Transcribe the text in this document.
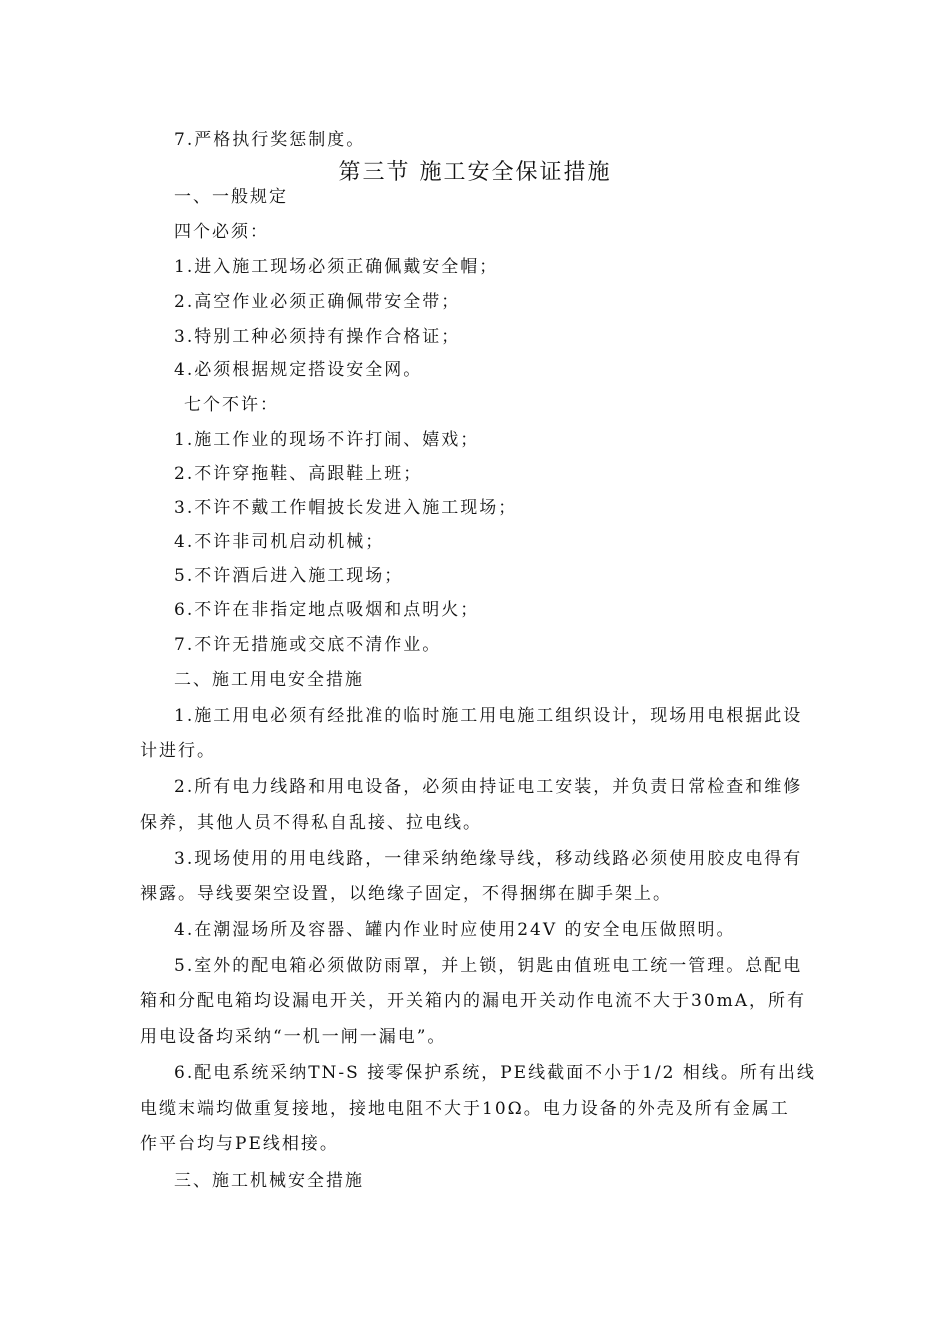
7.严格执行奖惩制度。
第三节 施工安全保证措施
一、一般规定
四个必须：
1.进入施工现场必须正确佩戴安全帽；
2.高空作业必须正确佩带安全带；
3.特别工种必须持有操作合格证；
4.必须根据规定搭设安全网。
七个不许：
1.施工作业的现场不许打闹、嬉戏；
2.不许穿拖鞋、高跟鞋上班；
3.不许不戴工作帽披长发进入施工现场；
4.不许非司机启动机械；
5.不许酒后进入施工现场；
6.不许在非指定地点吸烟和点明火；
7.不许无措施或交底不清作业。
二、施工用电安全措施
1.施工用电必须有经批准的临时施工用电施工组织设计，现场用电根据此设
计进行。
2.所有电力线路和用电设备，必须由持证电工安装，并负责日常检查和维修
保养，其他人员不得私自乱接、拉电线。
3.现场使用的用电线路，一律采纳绝缘导线，移动线路必须使用胶皮电得有
裸露。导线要架空设置，以绝缘子固定，不得捆绑在脚手架上。
4.在潮湿场所及容器、罐内作业时应使用24V 的安全电压做照明。
5.室外的配电箱必须做防雨罩，并上锁，钥匙由值班电工统一管理。总配电
箱和分配电箱均设漏电开关，开关箱内的漏电开关动作电流不大于30mA，所有
用电设备均采纳“一机一闸一漏电”。
6.配电系统采纳TN-S 接零保护系统，PE线截面不小于1/2 相线。所有出线
电缆末端均做重复接地，接地电阻不大于10Ω。电力设备的外壳及所有金属工
作平台均与PE线相接。
三、施工机械安全措施
